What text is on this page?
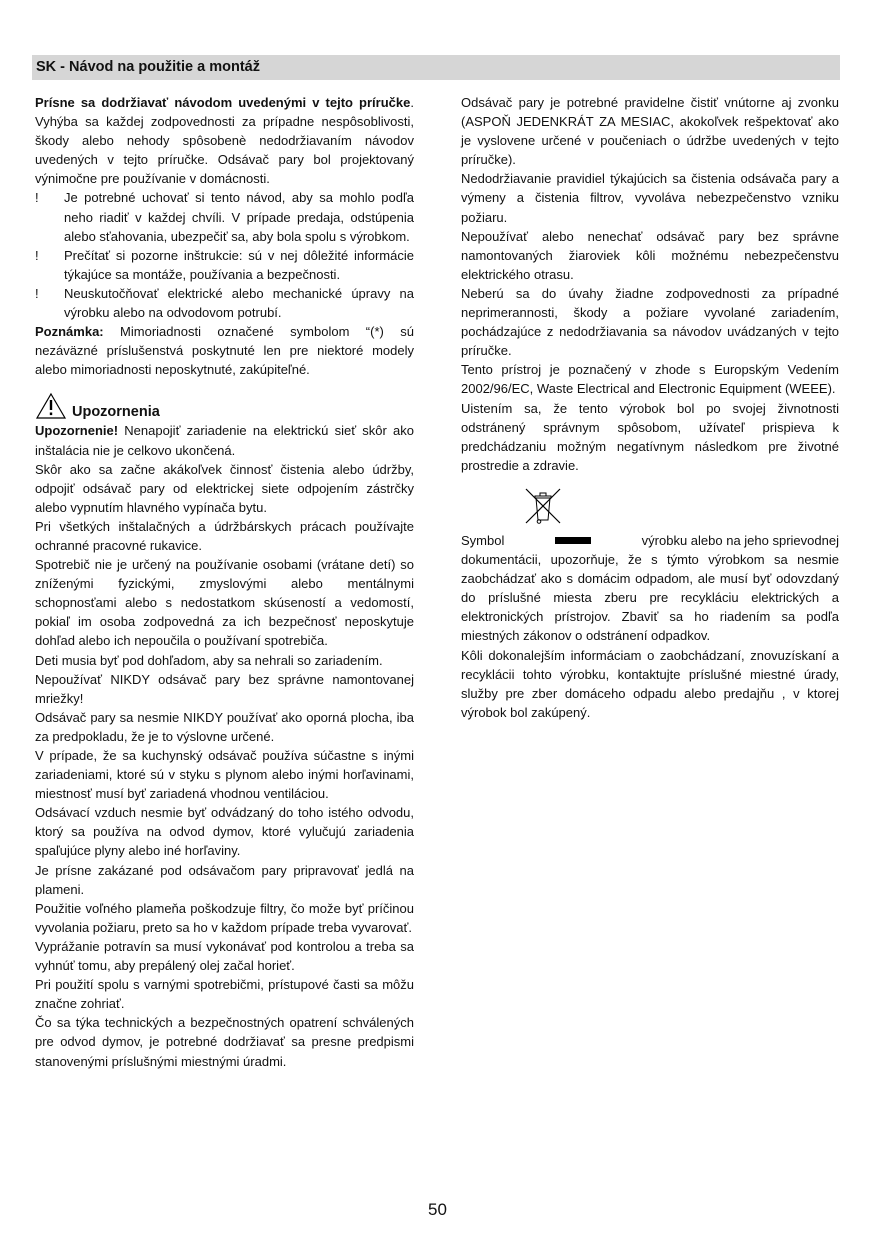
SK - Návod na použitie a montáž

Prísne sa dodržiavať návodom uvedenými v tejto príručke. Vyhýba sa každej zodpovednosti za prípadne nespôsoblivosti, škody alebo nehody spôsobenè nedodržiavaním návodov uvedených v tejto príručke. Odsávač pary bol projektovaný výnimočne pre používanie v domácnosti.

!	Je potrebné uchovať si tento návod, aby sa mohlo podľa neho riadiť v každej chvíli. V prípade predaja, odstúpenia alebo sťahovania, ubezpečiť sa, aby bola spolu s výrobkom.
!	Prečítať si pozorne inštrukcie: sú v nej dôležité informácie týkajúce sa montáže, používania a bezpečnosti.
!	Neuskutočňovať elektrické alebo mechanické úpravy na výrobku alebo na odvodovom potrubí.

Poznámka: Mimoriadnosti označené symbolom “(*) sú nezáväzné príslušenstvá poskytnuté len pre niektoré modely alebo mimoriadnosti neposkytnuté, zakúpiteľné.

Upozornenia

Upozornenie! Nenapojiť zariadenie na elektrickú sieť skôr ako inštalácia nie je celkovo ukončená.

Skôr ako sa začne akákoľvek činnosť čistenia alebo údržby, odpojiť odsávač pary od elektrickej siete odpojením zástrčky alebo vypnutím hlavného vypínača bytu.

Pri všetkých inštalačných a údržbárskych prácach používajte ochranné pracovné rukavice.

Spotrebič nie je určený na používanie osobami (vrátane detí) so zníženými fyzickými, zmyslovými alebo mentálnymi schopnosťami alebo s nedostatkom skúseností a vedomostí, pokiaľ im osoba zodpovedná za ich bezpečnosť neposkytuje dohľad alebo ich nepoučila o používaní spotrebiča.

Deti musia byť pod dohľadom, aby sa nehrali so zariadením.

Nepoužívať NIKDY odsávač pary bez správne namontovanej mriežky!

Odsávač pary sa nesmie NIKDY používať ako oporná plocha, iba za predpokladu, že je to výslovne určené.

V prípade, že sa kuchynský odsávač používa súčastne s inými zariadeniami, ktoré sú v styku s plynom alebo inými horľavinami, miestnosť musí byť zariadená vhodnou ventiláciou.

Odsávací vzduch nesmie byť odvádzaný do toho istého odvodu, ktorý sa používa na odvod dymov, ktoré vylučujú zariadenia spaľujúce plyny alebo iné horľaviny.

Je prísne zakázané pod odsávačom pary pripravovať jedlá na plameni.

Použitie voľného plameňa poškodzuje filtry, čo može byť príčinou vyvolania požiaru, preto sa ho v každom prípade treba vyvarovať.

Vyprážanie potravín sa musí vykonávať pod kontrolou a treba sa vyhnúť tomu, aby prepálený olej začal horieť.

Pri použití spolu s varnými spotrebičmi, prístupové časti sa môžu značne zohriať.

Čo sa týka technických a bezpečnostných opatrení schválených pre odvod dymov, je potrebné dodržiavať sa presne predpismi stanovenými príslušnými miestnými úradmi.

Odsávač pary je potrebné pravidelne čistiť vnútorne aj zvonku (ASPOŇ JEDENKRÁT ZA MESIAC, akokoľvek rešpektovať ako je vyslovene určené v poučeniach o údržbe uvedených v tejto príručke).

Nedodržiavanie pravidiel týkajúcich sa čistenia odsávača pary a výmeny a čistenia filtrov, vyvoláva nebezpečenstvo vzniku požiaru.

Nepoužívať alebo nenechať odsávač pary bez správne namontovaných žiaroviek kôli možnému nebezpečenstvu elektrického otrasu.

Neberú sa do úvahy žiadne zodpovednosti za prípadné neprimerannosti, škody a požiare vyvolané zariadením, pochádzajúce z nedodržiavania sa návodov uvádzaných v tejto príručke.

Tento prístroj je poznačený v zhode s Europským Vedením 2002/96/EC, Waste Electrical and Electronic Equipment (WEEE).

Uistením sa, že tento výrobok bol po svojej živnotnosti odstránený správnym spôsobom, užívateľ prispieva k predchádzaniu možným negatívnym následkom pre životné prostredie a zdravie.

Symbol	výrobku alebo na jeho sprievodnej

dokumentácii, upozorňuje, že s týmto výrobkom sa nesmie zaobchádzať ako s domácim odpadom, ale musí byť odovzdaný do príslušné miesta zberu pre recykláciu elektrických a elektronických prístrojov. Zbaviť sa ho riadením sa podľa miestných zákonov o odstránení odpadkov.

Kôli dokonalejším informáciam o zaobchádzaní, znovuzískaní a recyklácii tohto výrobku, kontaktujte príslušné miestné úrady, služby pre zber domáceho odpadu alebo predajňu , v ktorej výrobok bol zakúpený.

50
